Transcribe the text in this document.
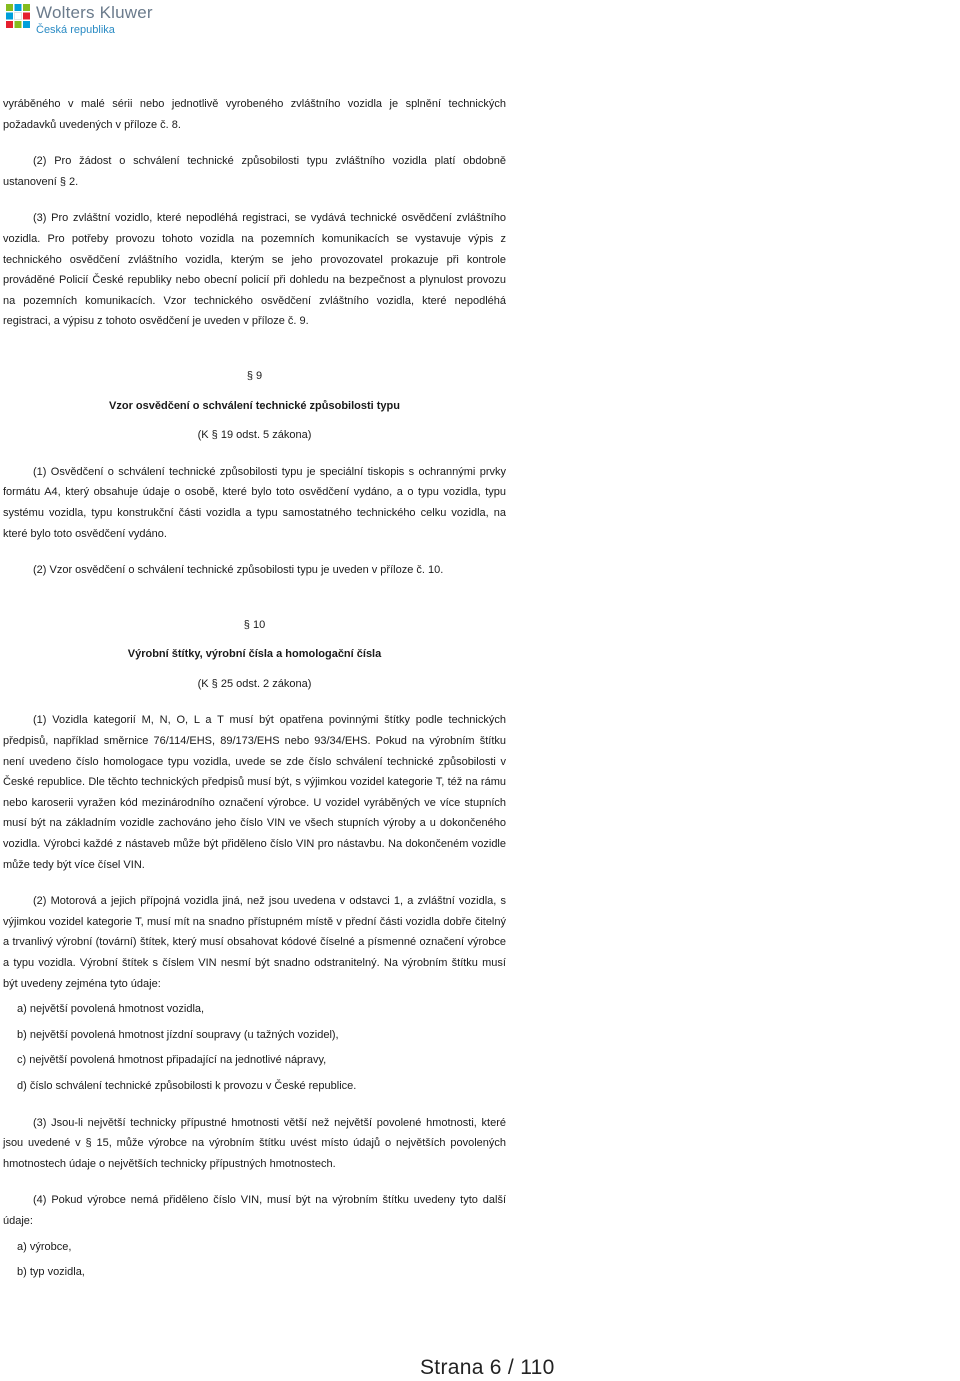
Wolters Kluwer
Česká republika

vyráběného v malé sérii nebo jednotlivě vyrobeného zvláštního vozidla je splnění technických požadavků uvedených v příloze č. 8.

(2) Pro žádost o schválení technické způsobilosti typu zvláštního vozidla platí obdobně ustanovení § 2.

(3) Pro zvláštní vozidlo, které nepodléhá registraci, se vydává technické osvědčení zvláštního vozidla. Pro potřeby provozu tohoto vozidla na pozemních komunikacích se vystavuje výpis z technického osvědčení zvláštního vozidla, kterým se jeho provozovatel prokazuje při kontrole prováděné Policií České republiky nebo obecní policií při dohledu na bezpečnost a plynulost provozu na pozemních komunikacích. Vzor technického osvědčení zvláštního vozidla, které nepodléhá registraci, a výpisu z tohoto osvědčení je uveden v příloze č. 9.

§ 9

Vzor osvědčení o schválení technické způsobilosti typu

(K § 19 odst. 5 zákona)

(1) Osvědčení o schválení technické způsobilosti typu je speciální tiskopis s ochrannými prvky formátu A4, který obsahuje údaje o osobě, které bylo toto osvědčení vydáno, a o typu vozidla, typu systému vozidla, typu konstrukční části vozidla a typu samostatného technického celku vozidla, na které bylo toto osvědčení vydáno.

(2) Vzor osvědčení o schválení technické způsobilosti typu je uveden v příloze č. 10.

§ 10

Výrobní štítky, výrobní čísla a homologační čísla

(K § 25 odst. 2 zákona)

(1) Vozidla kategorií M, N, O, L a T musí být opatřena povinnými štítky podle technických předpisů, například směrnice 76/114/EHS, 89/173/EHS nebo 93/34/EHS. Pokud na výrobním štítku není uvedeno číslo homologace typu vozidla, uvede se zde číslo schválení technické způsobilosti v České republice. Dle těchto technických předpisů musí být, s výjimkou vozidel kategorie T, též na rámu nebo karoserii vyražen kód mezinárodního označení výrobce. U vozidel vyráběných ve více stupních musí být na základním vozidle zachováno jeho číslo VIN ve všech stupních výroby a u dokončeného vozidla. Výrobci každé z nástaveb může být přiděleno číslo VIN pro nástavbu. Na dokončeném vozidle může tedy být více čísel VIN.

(2) Motorová a jejich přípojná vozidla jiná, než jsou uvedena v odstavci 1, a zvláštní vozidla, s výjimkou vozidel kategorie T, musí mít na snadno přístupném místě v přední části vozidla dobře čitelný a trvanlivý výrobní (tovární) štítek, který musí obsahovat kódové číselné a písmenné označení výrobce a typu vozidla. Výrobní štítek s číslem VIN nesmí být snadno odstranitelný. Na výrobním štítku musí být uvedeny zejména tyto údaje:

a) největší povolená hmotnost vozidla,

b) největší povolená hmotnost jízdní soupravy (u tažných vozidel),

c) největší povolená hmotnost připadající na jednotlivé nápravy,

d) číslo schválení technické způsobilosti k provozu v České republice.

(3) Jsou-li největší technicky přípustné hmotnosti větší než největší povolené hmotnosti, které jsou uvedené v § 15, může výrobce na výrobním štítku uvést místo údajů o největších povolených hmotnostech údaje o největších technicky přípustných hmotnostech.

(4) Pokud výrobce nemá přiděleno číslo VIN, musí být na výrobním štítku uvedeny tyto další údaje:

a) výrobce,

b) typ vozidla,

Strana 6 / 110
